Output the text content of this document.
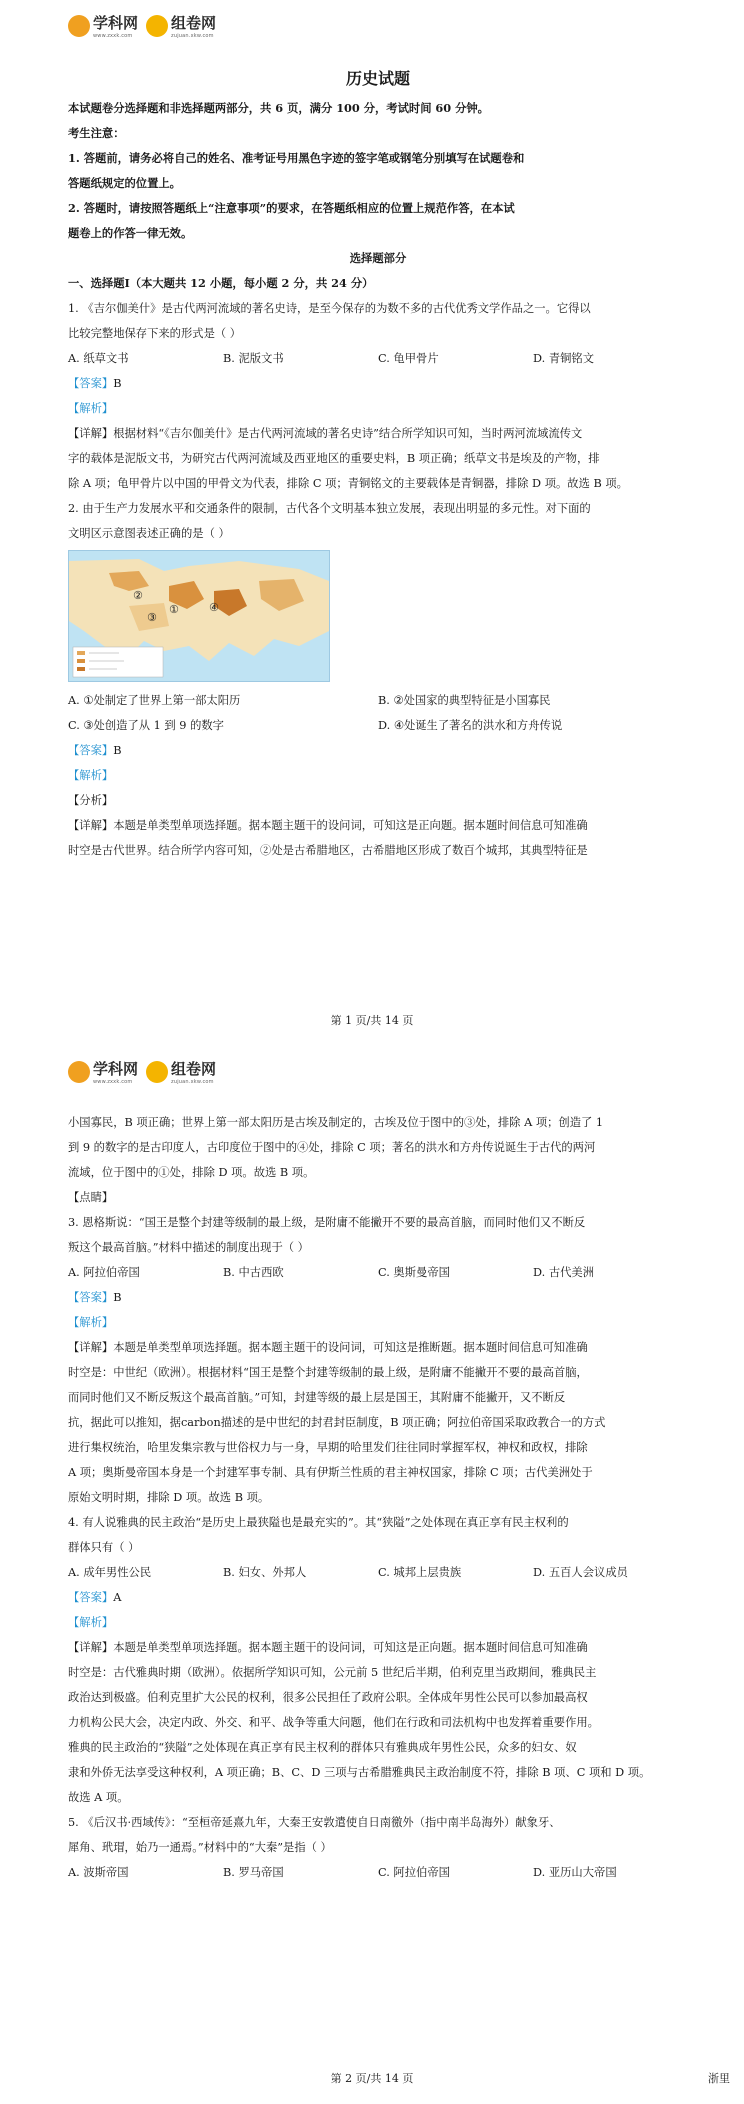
学科网
www.zxxk.com
组卷网
zujuan.xkw.com
历史试题
本试题卷分选择题和非选择题两部分，共 6 页，满分 100 分，考试时间 60 分钟。
考生注意：
1. 答题前，请务必将自己的姓名、准考证号用黑色字迹的签字笔或钢笔分别填写在试题卷和
答题纸规定的位置上。
2. 答题时，请按照答题纸上“注意事项”的要求，在答题纸相应的位置上规范作答，在本试
题卷上的作答一律无效。
选择题部分
一、选择题Ⅰ（本大题共 12 小题，每小题 2 分，共 24 分）
1. 《吉尔伽美什》是古代两河流域的著名史诗，是至今保存的为数不多的古代优秀文学作品之一。它得以
比较完整地保存下来的形式是（ ）
A. 纸草文书	B. 泥版文书	C. 龟甲骨片	D. 青铜铭文
【答案】B
【解析】
【详解】根据材料“《吉尔伽美什》是古代两河流域的著名史诗”结合所学知识可知，当时两河流域流传文
字的载体是泥版文书，为研究古代两河流域及西亚地区的重要史料，B 项正确；纸草文书是埃及的产物，排
除 A 项；龟甲骨片以中国的甲骨文为代表，排除 C 项；青铜铭文的主要载体是青铜器，排除 D 项。故选 B 项。
2. 由于生产力发展水平和交通条件的限制，古代各个文明基本独立发展，表现出明显的多元性。对下面的
文明区示意图表述正确的是（ ）
②
③
①	④
A. ①处制定了世界上第一部太阳历	B. ②处国家的典型特征是小国寡民
C. ③处创造了从 1 到 9 的数字	D. ④处诞生了著名的洪水和方舟传说
【答案】B
【解析】
【分析】
【详解】本题是单类型单项选择题。据本题主题干的设问词，可知这是正向题。据本题时间信息可知准确
时空是古代世界。结合所学内容可知，②处是古希腊地区，古希腊地区形成了数百个城邦，其典型特征是
第 1 页/共 14 页
学科网
www.zxxk.com
组卷网
zujuan.xkw.com
小国寡民，B 项正确；世界上第一部太阳历是古埃及制定的，古埃及位于图中的③处，排除 A 项；创造了 1
到 9 的数字的是古印度人，古印度位于图中的④处，排除 C 项；著名的洪水和方舟传说诞生于古代的两河
流域，位于图中的①处，排除 D 项。故选 B 项。
【点睛】
3. 恩格斯说：“国王是整个封建等级制的最上级，是附庸不能撇开不要的最高首脑，而同时他们又不断反
叛这个最高首脑。”材料中描述的制度出现于（ ）
A. 阿拉伯帝国	B. 中古西欧	C. 奥斯曼帝国	D. 古代美洲
【答案】B
【解析】
【详解】本题是单类型单项选择题。据本题主题干的设问词，可知这是推断题。据本题时间信息可知准确
时空是：中世纪（欧洲）。根据材料“国王是整个封建等级制的最上级，是附庸不能撇开不要的最高首脑，
而同时他们又不断反叛这个最高首脑。”可知，封建等级的最上层是国王，其附庸不能撇开，又不断反
抗，据此可以推知，据carbon描述的是中世纪的封君封臣制度，B 项正确；阿拉伯帝国采取政教合一的方式
进行集权统治，哈里发集宗教与世俗权力与一身，早期的哈里发们往往同时掌握军权，神权和政权，排除
A 项；奥斯曼帝国本身是一个封建军事专制、具有伊斯兰性质的君主神权国家，排除 C 项；古代美洲处于
原始文明时期，排除 D 项。故选 B 项。
4. 有人说雅典的民主政治“是历史上最狭隘也是最充实的”。其“狭隘”之处体现在真正享有民主权利的
群体只有（ ）
A. 成年男性公民	B. 妇女、外邦人	C. 城邦上层贵族	D. 五百人会议成员
【答案】A
【解析】
【详解】本题是单类型单项选择题。据本题主题干的设问词，可知这是正向题。据本题时间信息可知准确
时空是：古代雅典时期（欧洲）。依据所学知识可知，公元前 5 世纪后半期，伯利克里当政期间，雅典民主
政治达到极盛。伯利克里扩大公民的权利，很多公民担任了政府公职。全体成年男性公民可以参加最高权
力机构公民大会，决定内政、外交、和平、战争等重大问题，他们在行政和司法机构中也发挥着重要作用。
雅典的民主政治的“狭隘”之处体现在真正享有民主权利的群体只有雅典成年男性公民，众多的妇女、奴
隶和外侨无法享受这种权利，A 项正确；B、C、D 三项与古希腊雅典民主政治制度不符，排除 B 项、C 项和 D 项。
故选 A 项。
5. 《后汉书·西域传》：“至桓帝延熹九年，大秦王安敦遣使自日南徼外（指中南半岛海外）献象牙、
犀角、玳瑁，始乃一通焉。”材料中的“大秦”是指（ ）
A. 波斯帝国	B. 罗马帝国	C. 阿拉伯帝国	D. 亚历山大帝国
第 2 页/共 14 页	浙里
